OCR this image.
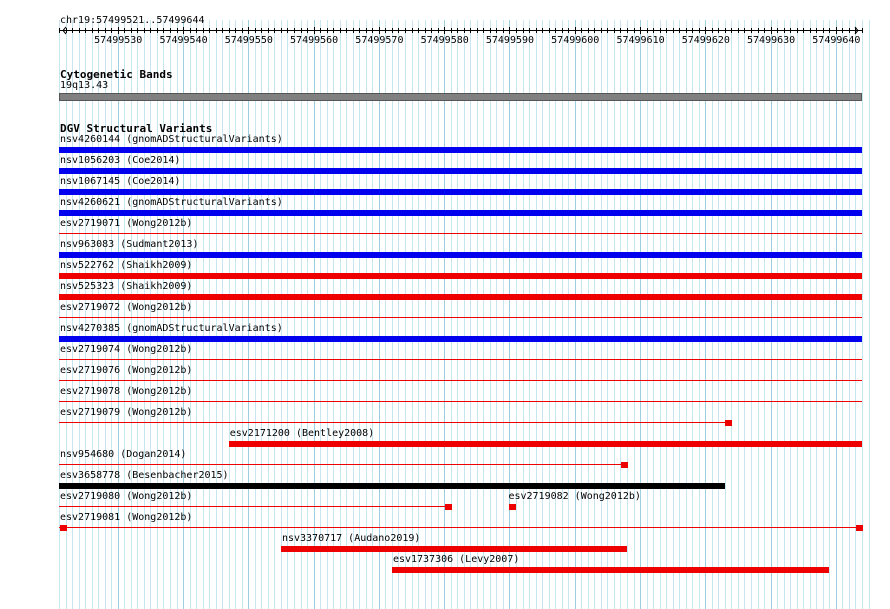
chr19:57499521..57499644
57499530 57499540 57499550 57499560 57499570 57499580 57499590 57499600 57499610 57499620 57499630 57499640
Cytogenetic Bands
19q13.43
DGV Structural Variants
nsv4260144 (gnomADStructuralVariants)
nsv1056203 (Coe2014)
nsv1067145 (Coe2014)
nsv4260621 (gnomADStructuralVariants)
esv2719071 (Wong2012b)
nsv963083 (Sudmant2013)
nsv522762 (Shaikh2009)
nsv525323 (Shaikh2009)
esv2719072 (Wong2012b)
nsv4270385 (gnomADStructuralVariants)
esv2719074 (Wong2012b)
esv2719076 (Wong2012b)
esv2719078 (Wong2012b)
esv2719079 (Wong2012b)
esv2171200 (Bentley2008)
nsv954680 (Dogan2014)
esv3658778 (Besenbacher2015)
esv2719080 (Wong2012b)
esv2719081 (Wong2012b)
nsv3370717 (Audano2019)
esv1737306 (Levy2007)
esv2719082 (Wong2012b)
